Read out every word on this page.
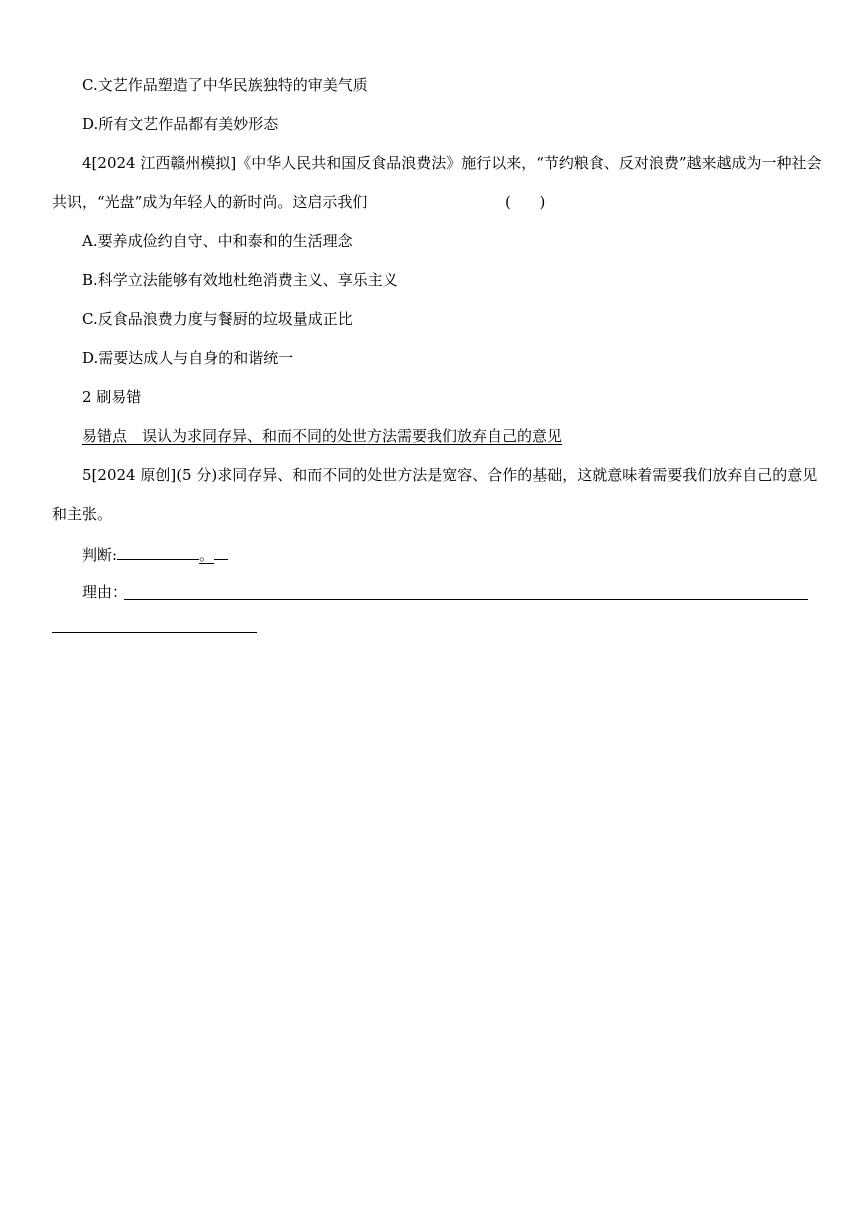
C.文艺作品塑造了中华民族独特的审美气质
D.所有文艺作品都有美妙形态
4[2024 江西赣州模拟]《中华人民共和国反食品浪费法》施行以来，“节约粮食、反对浪费”越来越成为一种社会
共识，“光盘”成为年轻人的新时尚。这启示我们	(      )
A.要养成俭约自守、中和泰和的生活理念
B.科学立法能够有效地杜绝消费主义、享乐主义
C.反食品浪费力度与餐厨的垃圾量成正比
D.需要达成人与自身的和谐统一
2 刷易错
易错点　误认为求同存异、和而不同的处世方法需要我们放弃自己的意见
5[2024 原创](5 分)求同存异、和而不同的处世方法是宽容、合作的基础，这就意味着需要我们放弃自己的意见
和主张。
判断:	。
理由：
